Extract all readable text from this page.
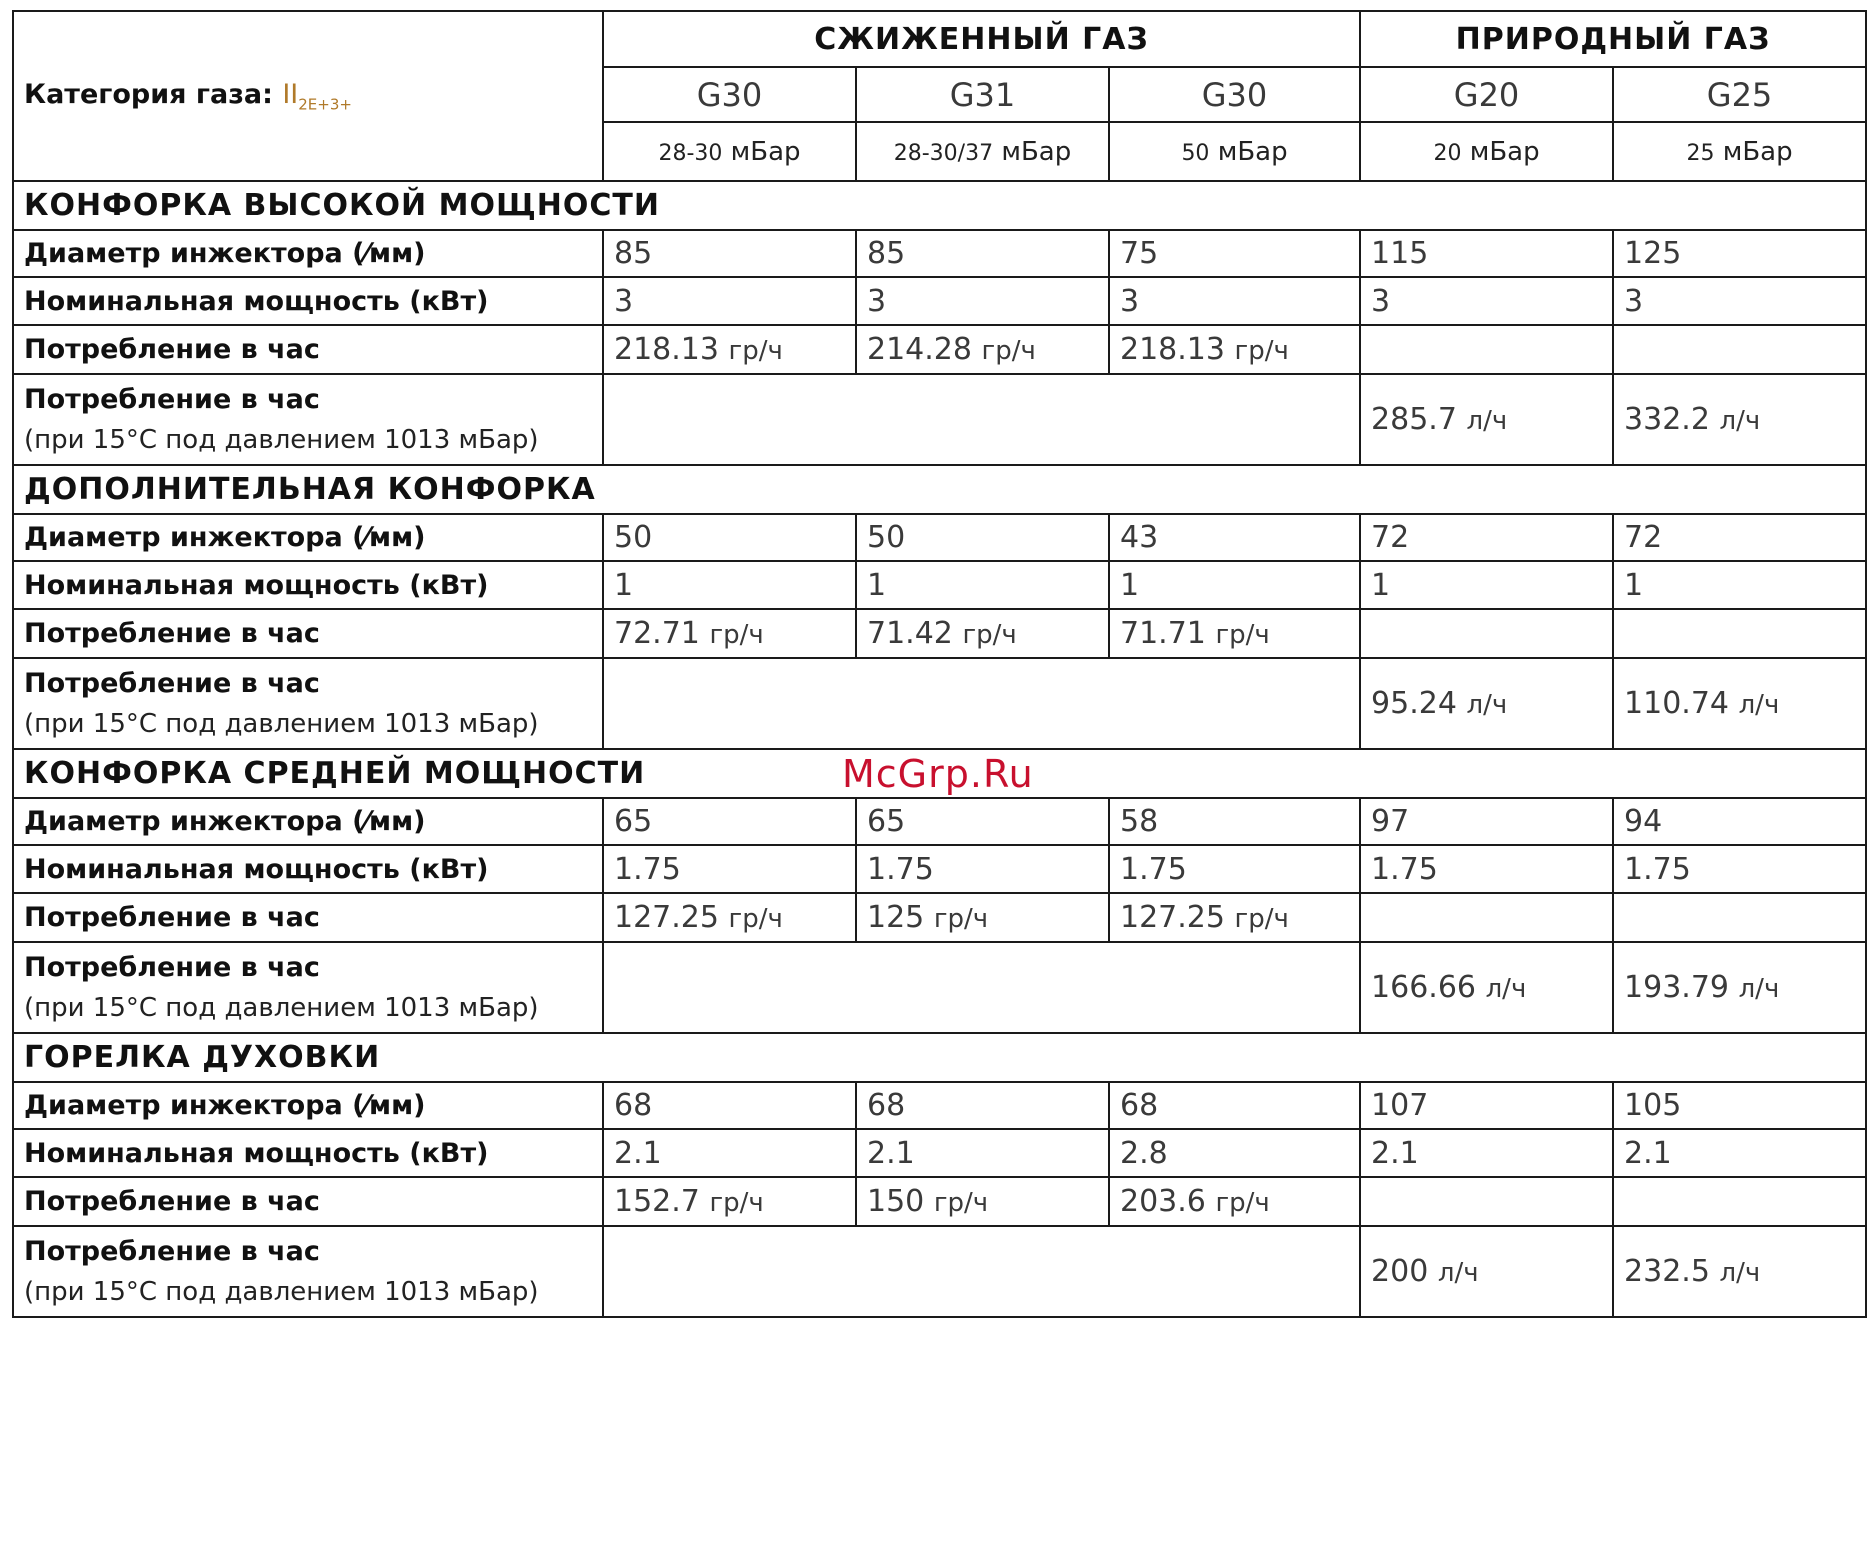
Категория газа: $II_{2E+3+}$	СЖИЖЕННЫЙ ГАЗ			ПРИРОДНЫЙ ГАЗ	
	G30	G31	G30	G20	G25
	28-30 мБар	28-30/37 мБар	50 мБар	20 мБар	25 мБар
КОНФОРКА ВЫСОКОЙ МОЩНОСТИ					
Диаметр инжектора (⁄мм)	85	85	75	115	125
Номинальная мощность (кВт)	3	3	3	3	3
Потребление в час	218.13 гр/ч	214.28 гр/ч	218.13 гр/ч		
Потребление в час
(при 15°С под давлением 1013 мБар)				285.7 л/ч	332.2 л/ч
ДОПОЛНИТЕЛЬНАЯ КОНФОРКА					
Диаметр инжектора (⁄мм)	50	50	43	72	72
Номинальная мощность (кВт)	1	1	1	1	1
Потребление в час	72.71 гр/ч	71.42 гр/ч	71.71 гр/ч		
Потребление в час
(при 15°С под давлением 1013 мБар)				95.24 л/ч	110.74 л/ч
КОНФОРКА СРЕДНЕЙ МОЩНОСТИ					
Диаметр инжектора (⁄мм)	65	65	58	97	94
Номинальная мощность (кВт)	1.75	1.75	1.75	1.75	1.75
Потребление в час	127.25 гр/ч	125 гр/ч	127.25 гр/ч		
Потребление в час
(при 15°С под давлением 1013 мБар)				166.66 л/ч	193.79 л/ч
ГОРЕЛКА ДУХОВКИ					
Диаметр инжектора (⁄мм)	68	68	68	107	105
Номинальная мощность (кВт)	2.1	2.1	2.8	2.1	2.1
Потребление в час	152.7 гр/ч	150 гр/ч	203.6 гр/ч		
Потребление в час
(при 15°С под давлением 1013 мБар)				200 л/ч	232.5 л/ч
McGrp.Ru
